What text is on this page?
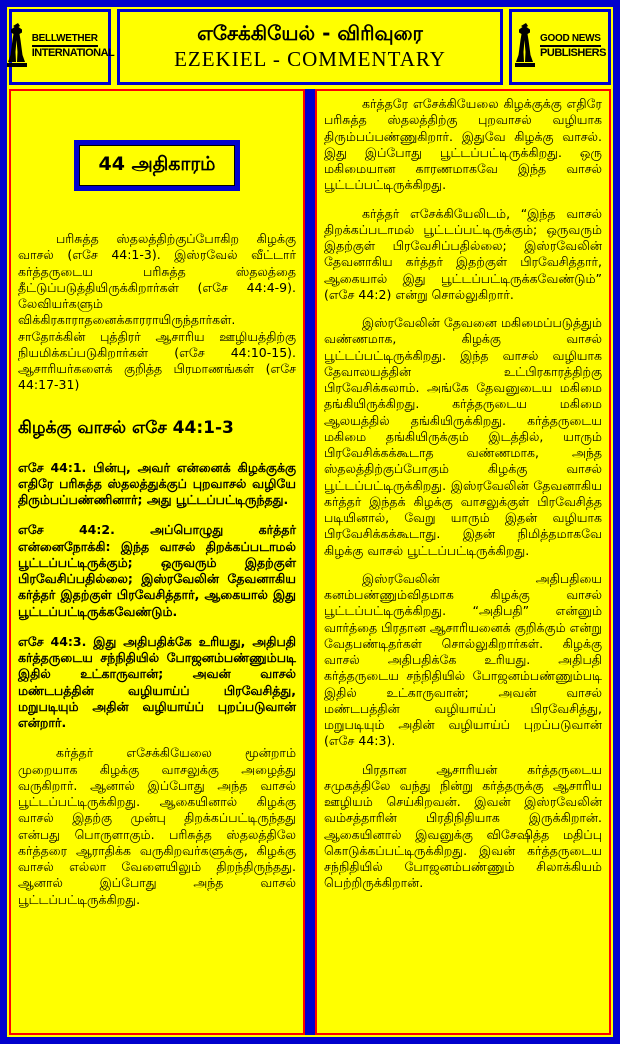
BELLWETHER
INTERNATIONAL
எசேக்கியேல் - விரிவுரை
EZEKIEL - COMMENTARY
GOOD NEWS
PUBLISHERS
44 அதிகாரம்

பரிசுத்த ஸ்தலத்திற்குப்போகிற கிழக்கு வாசல் (எசே 44:1-3). இஸ்ரவேல் வீட்டார் கர்த்தருடைய பரிசுத்த ஸ்தலத்தை தீட்டுப்படுத்தியிருக்கிறார்கள் (எசே 44:4-9). லேவியர்களும் விக்கிரகாராதனைக்காரராயிருந்தார்கள். சாதோக்கின் புத்திரர் ஆசாரிய ஊழியத்திற்கு நியமிக்கப்படுகிறார்கள் (எசே 44:10-15). ஆசாரியர்களைக் குறித்த பிரமாணங்கள் (எசே 44:17-31)

கிழக்கு வாசல் எசே 44:1-3

எசே 44:1. பின்பு, அவர் என்னைக் கிழக்குக்கு எதிரே பரிசுத்த ஸ்தலத்துக்குப் புறவாசல் வழியே திரும்பப்பண்ணினார்; அது பூட்டப்பட்டிருந்தது.

எசே 44:2. அப்பொழுது கர்த்தர் என்னைநோக்கி: இந்த வாசல் திறக்கப்படாமல் பூட்டப்பட்டிருக்கும்; ஒருவரும் இதற்குள் பிரவேசிப்பதில்லை; இஸ்ரவேலின் தேவனாகிய கர்த்தர் இதற்குள் பிரவேசித்தார், ஆகையால் இது பூட்டப்பட்டிருக்கவேண்டும்.

எசே 44:3. இது அதிபதிக்கே உரியது, அதிபதி கர்த்தருடைய சந்நிதியில் போஜனம்பண்ணும்படி இதில் உட்காருவான்; அவன் வாசல் மண்டபத்தின் வழியாய்ப் பிரவேசித்து, மறுபடியும் அதின் வழியாய்ப் புறப்படுவான் என்றார்.

கர்த்தர் எசேக்கியேலை மூன்றாம் முறையாக கிழக்கு வாசலுக்கு அழைத்து வருகிறார். ஆனால் இப்போது அந்த வாசல் பூட்டப்பட்டிருக்கிறது. ஆகையினால் கிழக்கு வாசல் இதற்கு முன்பு திறக்கப்பட்டிருந்தது என்பது பொருளாகும். பரிசுத்த ஸ்தலத்திலே கர்த்தரை ஆராதிக்க வருகிறவர்களுக்கு, கிழக்கு வாசல் எல்லா வேளையிலும் திறந்திருந்தது. ஆனால் இப்போது அந்த வாசல் பூட்டப்பட்டிருக்கிறது.

கர்த்தரே எசேக்கியேலை கிழக்குக்கு எதிரே பரிசுத்த ஸ்தலத்திற்கு புறவாசல் வழியாக திரும்பப்பண்ணுகிறார். இதுவே கிழக்கு வாசல். இது இப்போது பூட்டப்பட்டிருக்கிறது. ஒரு மகிமையான காரணமாகவே இந்த வாசல் பூட்டப்பட்டிருக்கிறது.

கர்த்தர் எசேக்கியேலிடம், “இந்த வாசல் திறக்கப்படாமல் பூட்டப்பட்டிருக்கும்; ஒருவரும் இதற்குள் பிரவேசிப்பதில்லை; இஸ்ரவேலின் தேவனாகிய கர்த்தர் இதற்குள் பிரவேசித்தார், ஆகையால் இது பூட்டப்பட்டிருக்கவேண்டும்” (எசே 44:2) என்று சொல்லுகிறார்.

இஸ்ரவேலின் தேவனை மகிமைப்படுத்தும் வண்ணமாக, கிழக்கு வாசல் பூட்டப்பட்டிருக்கிறது. இந்த வாசல் வழியாக தேவாலயத்தின் உட்பிரகாரத்திற்கு பிரவேசிக்கலாம். அங்கே தேவனுடைய மகிமை தங்கியிருக்கிறது. கர்த்தருடைய மகிமை ஆலயத்தில் தங்கியிருக்கிறது. கர்த்தருடைய மகிமை தங்கியிருக்கும் இடத்தில், யாரும் பிரவேசிக்கக்கூடாத வண்ணமாக, அந்த ஸ்தலத்திற்குப்போகும் கிழக்கு வாசல் பூட்டப்பட்டிருக்கிறது. இஸ்ரவேலின் தேவனாகிய கர்த்தர் இந்தக் கிழக்கு வாசலுக்குள் பிரவேசித்த படியினால், வேறு யாரும் இதன் வழியாக பிரவேசிக்கக்கூடாது. இதன் நிமித்தமாகவே கிழக்கு வாசல் பூட்டப்பட்டிருக்கிறது.

இஸ்ரவேலின் அதிபதியை கனம்பண்ணும்விதமாக கிழக்கு வாசல் பூட்டப்பட்டிருக்கிறது. “அதிபதி” என்னும் வார்த்தை பிரதான ஆசாரியனைக் குறிக்கும் என்று வேதபண்டிதர்கள் சொல்லுகிறார்கள். கிழக்கு வாசல் அதிபதிக்கே உரியது. அதிபதி கர்த்தருடைய சந்நிதியில் போஜனம்பண்ணும்படி இதில் உட்காருவான்; அவன் வாசல் மண்டபத்தின் வழியாய்ப் பிரவேசித்து, மறுபடியும் அதின் வழியாய்ப் புறப்படுவான் (எசே 44:3).

பிரதான ஆசாரியன் கர்த்தருடைய சமுகத்திலே வந்து நின்று கர்த்தருக்கு ஆசாரிய ஊழியம் செய்கிறவன். இவன் இஸ்ரவேலின் வம்சத்தாரின் பிரதிநிதியாக இருக்கிறான். ஆகையினால் இவனுக்கு விசேஷித்த மதிப்பு கொடுக்கப்பட்டிருக்கிறது. இவன் கர்த்தருடைய சந்நிதியில் போஜனம்பண்ணும் சிலாக்கியம் பெற்றிருக்கிறான்.
